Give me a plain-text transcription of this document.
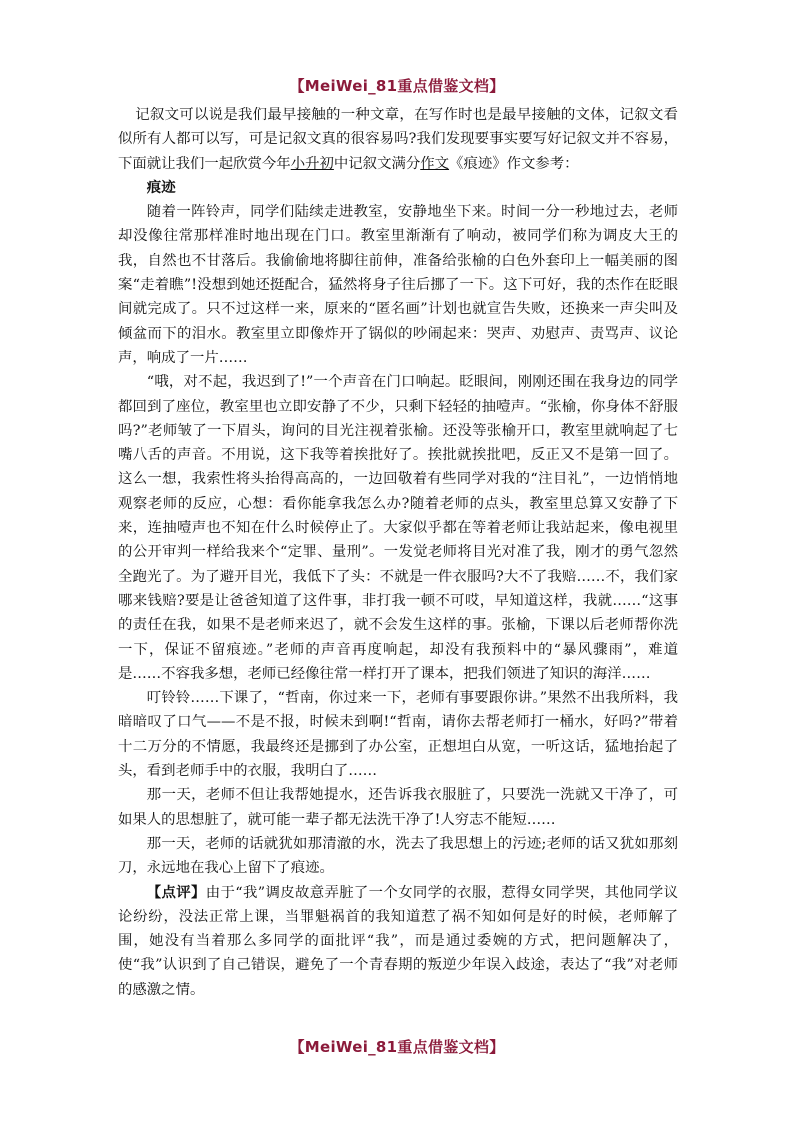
【MeiWei_81重点借鉴文档】

记叙文可以说是我们最早接触的一种文章，在写作时也是最早接触的文体，记叙文看似所有人都可以写，可是记叙文真的很容易吗?我们发现要事实要写好记叙文并不容易，下面就让我们一起欣赏今年小升初中记叙文满分作文《痕迹》作文参考：

痕迹

随着一阵铃声，同学们陆续走进教室，安静地坐下来。时间一分一秒地过去，老师却没像往常那样准时地出现在门口。教室里渐渐有了响动，被同学们称为调皮大王的我，自然也不甘落后。我偷偷地将脚往前伸，准备给张榆的白色外套印上一幅美丽的图案“走着瞧”!没想到她还挺配合，猛然将身子往后挪了一下。这下可好，我的杰作在眨眼间就完成了。只不过这样一来，原来的“匿名画”计划也就宣告失败，还换来一声尖叫及倾盆而下的泪水。教室里立即像炸开了锅似的吵闹起来：哭声、劝慰声、责骂声、议论声，响成了一片……

“哦，对不起，我迟到了!”一个声音在门口响起。眨眼间，刚刚还围在我身边的同学都回到了座位，教室里也立即安静了不少，只剩下轻轻的抽噎声。“张榆，你身体不舒服吗?”老师皱了一下眉头，询问的目光注视着张榆。还没等张榆开口，教室里就响起了七嘴八舌的声音。不用说，这下我等着挨批好了。挨批就挨批吧，反正又不是第一回了。这么一想，我索性将头抬得高高的，一边回敬着有些同学对我的“注目礼”，一边悄悄地观察老师的反应，心想：看你能拿我怎么办?随着老师的点头，教室里总算又安静了下来，连抽噎声也不知在什么时候停止了。大家似乎都在等着老师让我站起来，像电视里的公开审判一样给我来个“定罪、量刑”。一发觉老师将目光对准了我，刚才的勇气忽然全跑光了。为了避开目光，我低下了头：不就是一件衣服吗?大不了我赔……不，我们家哪来钱赔?要是让爸爸知道了这件事，非打我一顿不可哎，早知道这样，我就……“这事的责任在我，如果不是老师来迟了，就不会发生这样的事。张榆，下课以后老师帮你洗一下，保证不留痕迹。”老师的声音再度响起，却没有我预料中的“暴风骤雨”，难道是……不容我多想，老师已经像往常一样打开了课本，把我们领进了知识的海洋……

叮铃铃……下课了，“哲南，你过来一下，老师有事要跟你讲。”果然不出我所料，我暗暗叹了口气——不是不报，时候未到啊!“哲南，请你去帮老师打一桶水，好吗?”带着十二万分的不情愿，我最终还是挪到了办公室，正想坦白从宽，一听这话，猛地抬起了头，看到老师手中的衣服，我明白了……

那一天，老师不但让我帮她提水，还告诉我衣服脏了，只要洗一洗就又干净了，可如果人的思想脏了，就可能一辈子都无法洗干净了!人穷志不能短……

那一天，老师的话就犹如那清澈的水，洗去了我思想上的污迹;老师的话又犹如那刻刀，永远地在我心上留下了痕迹。

【点评】由于“我”调皮故意弄脏了一个女同学的衣服，惹得女同学哭，其他同学议论纷纷，没法正常上课，当罪魁祸首的我知道惹了祸不知如何是好的时候，老师解了围，她没有当着那么多同学的面批评“我”，而是通过委婉的方式，把问题解决了，使“我”认识到了自己错误，避免了一个青春期的叛逆少年误入歧途，表达了“我”对老师的感激之情。

【MeiWei_81重点借鉴文档】
